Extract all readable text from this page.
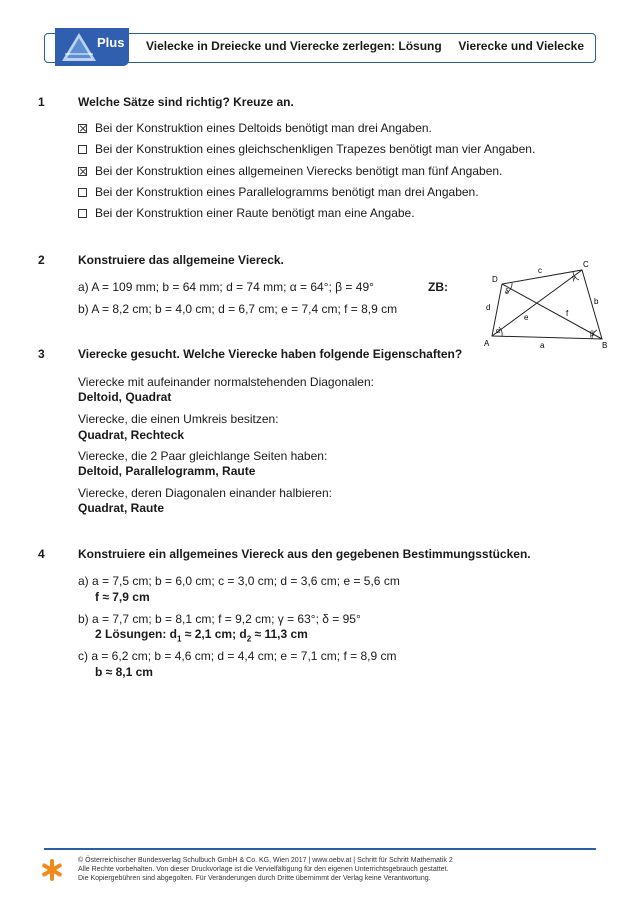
Plus Vielecke in Dreiecke und Vierecke zerlegen: Lösung Vierecke und Vielecke
1	Welche Sätze sind richtig? Kreuze an.
Bei der Konstruktion eines Deltoids benötigt man drei Angaben.
Bei der Konstruktion eines gleichschenkligen Trapezes benötigt man vier Angaben.
Bei der Konstruktion eines allgemeinen Vierecks benötigt man fünf Angaben.
Bei der Konstruktion eines Parallelogramms benötigt man drei Angaben.
Bei der Konstruktion einer Raute benötigt man eine Angabe.
2	Konstruiere das allgemeine Viereck.
a) A = 109 mm; b = 64 mm; d = 74 mm; α = 64°; β = 49°
b) A = 8,2 cm; b = 4,0 cm; d = 6,7 cm; e = 7,4 cm; f = 8,9 cm
ZB:
A	B
C
D
a
b
c
d
e	f
α	β
γ
δ
3	Vierecke gesucht. Welche Vierecke haben folgende Eigenschaften?
Vierecke mit aufeinander normalstehenden Diagonalen:
Deltoid, Quadrat
Vierecke, die einen Umkreis besitzen:
Quadrat, Rechteck
Vierecke, die 2 Paar gleichlange Seiten haben:
Deltoid, Parallelogramm, Raute
Vierecke, deren Diagonalen einander halbieren:
Quadrat, Raute
4	Konstruiere ein allgemeines Viereck aus den gegebenen Bestimmungsstücken.
a) a = 7,5 cm; b = 6,0 cm; c = 3,0 cm; d = 3,6 cm; e = 5,6 cm
f ≈ 7,9 cm
b) a = 7,7 cm; b = 8,1 cm; f = 9,2 cm; γ = 63°; δ = 95°
2 Lösungen: $d_1 \approx 2,1$ cm; $d_2 \approx 11,3$ cm
c) a = 6,2 cm; b = 4,6 cm; d = 4,4 cm; e = 7,1 cm; f = 8,9 cm
b ≈ 8,1 cm
© Österreichischer Bundesverlag Schulbuch GmbH & Co. KG, Wien 2017 | www.oebv.at | Schritt für Schritt Mathematik 2
Alle Rechte vorbehalten. Von dieser Druckvorlage ist die Vervielfältigung für den eigenen Unterrichtsgebrauch gestattet.
Die Kopiergebühren sind abgegolten. Für Veränderungen durch Dritte übernimmt der Verlag keine Verantwortung.
